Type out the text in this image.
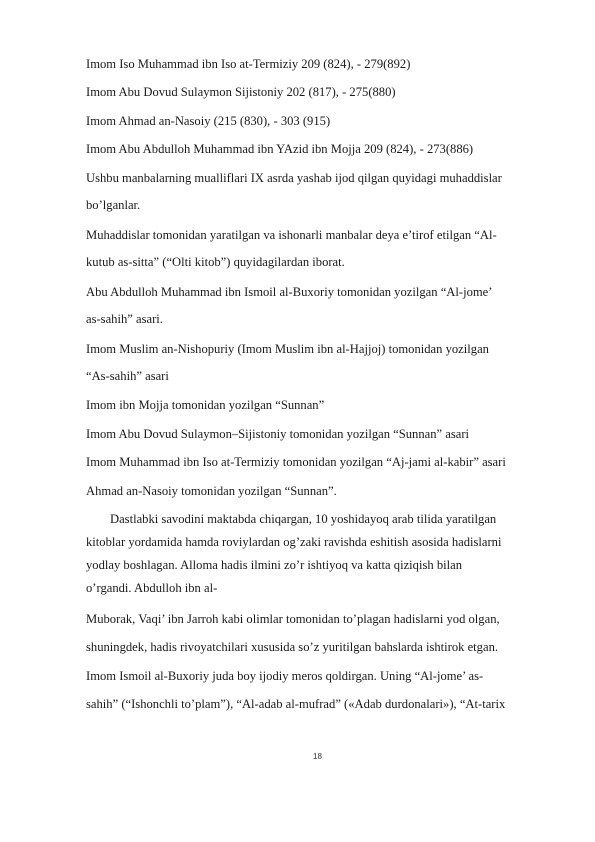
Imom Iso Muhammad ibn Iso at-Termiziy 209 (824), - 279(892)
Imom Abu Dovud Sulaymon Sijistoniy 202 (817), - 275(880)
Imom Ahmad an-Nasoiy (215 (830), - 303 (915)
Imom Abu Abdulloh Muhammad ibn YAzid ibn Mojja 209 (824), - 273(886)
Ushbu manbalarning mualliflari IX asrda yashab ijod qilgan quyidagi muhaddislar
bo’lganlar.
Muhaddislar tomonidan yaratilgan va ishonarli manbalar deya e’tirof etilgan “Al-
kutub as-sitta” (“Olti kitob”) quyidagilardan iborat.
Abu Abdulloh Muhammad ibn Ismoil al-Buxoriy tomonidan yozilgan “Al-jome’
as-sahih” asari.
Imom Muslim an-Nishopuriy (Imom Muslim ibn al-Hajjoj) tomonidan yozilgan
“As-sahih” asari
Imom ibn Mojja tomonidan yozilgan “Sunnan”
Imom Abu Dovud Sulaymon–Sijistoniy tomonidan yozilgan “Sunnan” asari
Imom Muhammad ibn Iso at-Termiziy tomonidan yozilgan “Aj-jami al-kabir” asari
Ahmad an-Nasoiy tomonidan yozilgan “Sunnan”.
Dastlabki savodini maktabda chiqargan, 10 yoshidayoq arab tilida yaratilgan
kitoblar yordamida hamda roviylardan og’zaki ravishda eshitish asosida hadislarni
yodlay boshlagan. Alloma hadis ilmini zo’r ishtiyoq va katta qiziqish bilan
o’rgandi. Abdulloh ibn al-
Muborak, Vaqi’ ibn Jarroh kabi olimlar tomonidan to’plagan hadislarni yod olgan,
shuningdek, hadis rivoyatchilari xususida so’z yuritilgan bahslarda ishtirok etgan.
Imom Ismoil al-Buxoriy juda boy ijodiy meros qoldirgan. Uning “Al-jome’ as-
sahih” (“Ishonchli to’plam”), “Al-adab al-mufrad” («Adab durdonalari»), “At-tarix
18
